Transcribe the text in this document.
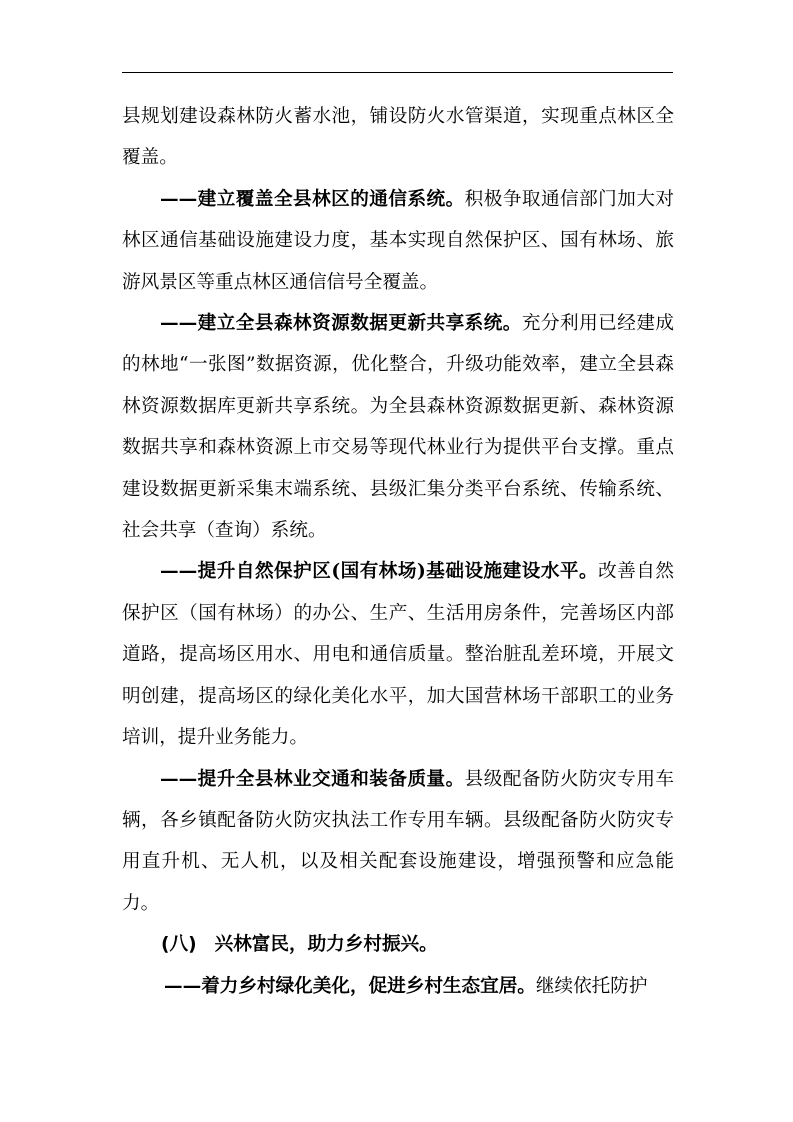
县规划建设森林防火蓄水池，铺设防火水管渠道，实现重点林区全覆盖。

——建立覆盖全县林区的通信系统。积极争取通信部门加大对林区通信基础设施建设力度，基本实现自然保护区、国有林场、旅游风景区等重点林区通信信号全覆盖。

——建立全县森林资源数据更新共享系统。充分利用已经建成的林地“一张图”数据资源，优化整合，升级功能效率，建立全县森林资源数据库更新共享系统。为全县森林资源数据更新、森林资源数据共享和森林资源上市交易等现代林业行为提供平台支撑。重点建设数据更新采集末端系统、县级汇集分类平台系统、传输系统、社会共享（查询）系统。

——提升自然保护区(国有林场)基础设施建设水平。改善自然保护区（国有林场）的办公、生产、生活用房条件，完善场区内部道路，提高场区用水、用电和通信质量。整治脏乱差环境，开展文明创建，提高场区的绿化美化水平，加大国营林场干部职工的业务培训，提升业务能力。

——提升全县林业交通和装备质量。县级配备防火防灾专用车辆，各乡镇配备防火防灾执法工作专用车辆。县级配备防火防灾专用直升机、无人机，以及相关配套设施建设，增强预警和应急能力。

(八) 兴林富民，助力乡村振兴。

——着力乡村绿化美化，促进乡村生态宜居。继续依托防护
